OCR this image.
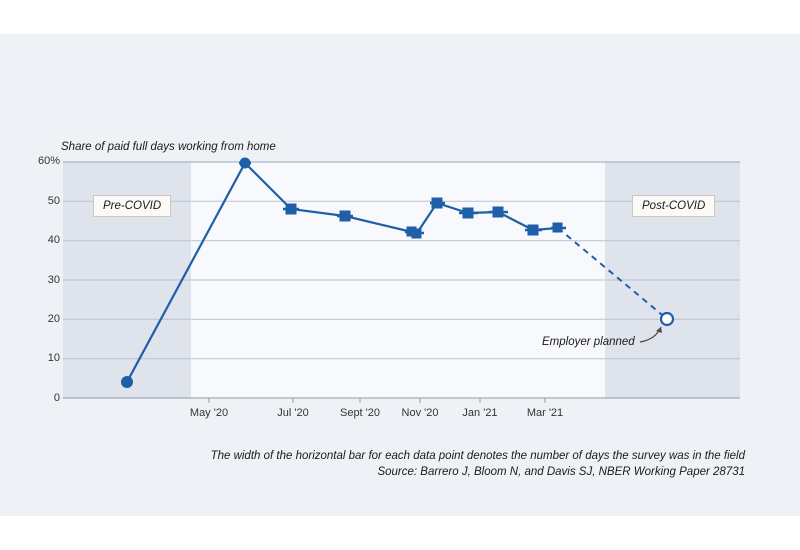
Share of paid full days working from home
60%
50
40
30
20
10
0
May '20	Jul '20	Sept '20	Nov '20	Jan '21	Mar '21
Pre-COVID	Post-COVID
Employer planned
The width of the horizontal bar for each data point denotes the number of days the survey was in the field
Source: Barrero J, Bloom N, and Davis SJ, NBER Working Paper 28731
